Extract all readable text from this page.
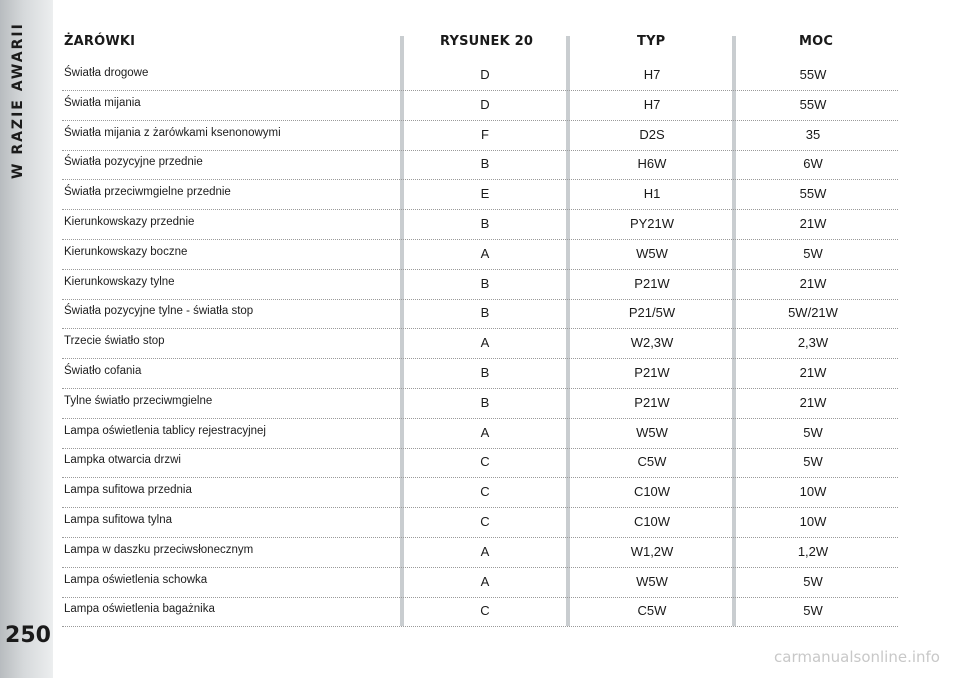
W RAZIE AWARII
250
ŻARÓWKI	RYSUNEK 20	TYP	MOC
Światła drogowe	D	H7	55W
Światła mijania	D	H7	55W
Światła mijania z żarówkami ksenonowymi	F	D2S	35
Światła pozycyjne przednie	B	H6W	6W
Światła przeciwmgielne przednie	E	H1	55W
Kierunkowskazy przednie	B	PY21W	21W
Kierunkowskazy boczne	A	W5W	5W
Kierunkowskazy tylne	B	P21W	21W
Światła pozycyjne tylne - światła stop	B	P21/5W	5W/21W
Trzecie światło stop	A	W2,3W	2,3W
Światło cofania	B	P21W	21W
Tylne światło przeciwmgielne	B	P21W	21W
Lampa oświetlenia tablicy rejestracyjnej	A	W5W	5W
Lampka otwarcia drzwi	C	C5W	5W
Lampa sufitowa przednia	C	C10W	10W
Lampa sufitowa tylna	C	C10W	10W
Lampa w daszku przeciwsłonecznym	A	W1,2W	1,2W
Lampa oświetlenia schowka	A	W5W	5W
Lampa oświetlenia bagażnika	C	C5W	5W
carmanualsonline.info
